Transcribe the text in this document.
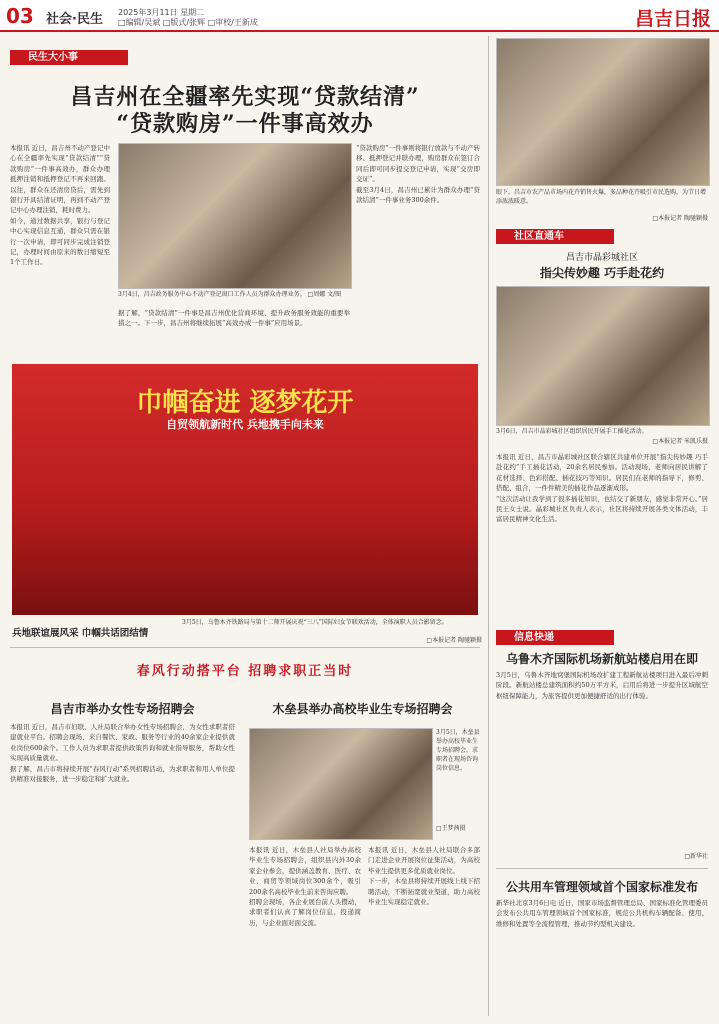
03 社会·民生 2025年3月11日 星期二
□编辑/吴斌 □版式/张辉 □审校/王新成	昌吉日报
民生大小事
昌吉州在全疆率先实现“贷款结清”
“贷款购房”一件事高效办
本报讯 近日，昌吉州不动产登记中心在全疆率先实现“贷款结清”“贷款购房”一件事高效办，群众办理抵押注销和抵押登记不再来回跑。以往，群众在还清房贷后，需先到银行开具结清证明，再到不动产登记中心办理注销，耗时费力。
如今，通过数据共享，银行与登记中心实现信息互通，群众只需在银行一次申请，即可同步完成注销登记，办理时间由原来的数日缩短至1个工作日。
3月4日，昌吉政务服务中心不动产登记窗口工作人员为群众办理业务。 □周娜 文/图
据了解，“贷款结清”一件事是昌吉州优化营商环境、提升政务服务效能的重要举措之一。下一步，昌吉州将继续拓展“高效办成一件事”应用场景。
“贷款购房”一件事则将银行放款与不动产转移、抵押登记并联办理，购房群众在签订合同后即可同步提交登记申请，实现“交房即交证”。
截至3月4日，昌吉州已累计为群众办理“贷款结清”一件事业务300余件。
巾帼奋进 逐梦花开
自贸领航新时代 兵地携手向未来
3月5日，乌鲁木齐铁路局与第十二师开展庆祝“三八”国际妇女节联欢活动，全体演职人员合影留念。
兵地联谊展风采 巾帼共话团结情
□本报记者 陶驰颖摄
眼下，昌吉市农产品市场内花卉销售火爆，多品种花卉吸引市民选购，为节日增添浓浓暖意。
□本报记者 陶驰颖摄
社区直通车
昌吉市晶彩城社区
指尖传妙趣 巧手赴花约
3月6日，昌吉市晶彩城社区组织居民开展手工插花活动。
□本报记者 米凯乐摄
本报讯 近日，昌吉市晶彩城社区联合辖区共建单位开展“指尖传妙趣 巧手赴花约”手工插花活动，20余名居民参加。活动现场，老师向居民讲解了花材选择、色彩搭配、插花技巧等知识。居民们在老师的指导下，修剪、搭配、组合，一件件精美的插花作品逐渐成形。
“这次活动让我学到了很多插花知识，也结交了新朋友，感觉非常开心。”居民王女士说。晶彩城社区负责人表示，社区将持续开展各类文体活动，丰富居民精神文化生活。
信息快递
乌鲁木齐国际机场新航站楼启用在即
3月5日，乌鲁木齐地窝堡国际机场改扩建工程新航站楼项目进入最后冲刺阶段。新航站楼总建筑面积约50万平方米，启用后将进一步提升区域航空枢纽保障能力，为旅客提供更加便捷舒适的出行体验。
□新华社
公共用车管理领域首个国家标准发布
新华社北京3月6日电 近日，国家市场监督管理总局、国家标准化管理委员会发布公共用车管理领域首个国家标准，规范公共机构车辆配备、使用、维修和处置等全流程管理，推动节约型机关建设。
春风行动搭平台 招聘求职正当时
昌吉市举办女性专场招聘会
本报讯 近日，昌吉市妇联、人社局联合举办女性专场招聘会，为女性求职者搭建就业平台。招聘会现场，来自餐饮、家政、服务等行业的40余家企业提供就业岗位600余个。工作人员为求职者提供政策咨询和就业指导服务，帮助女性实现高质量就业。
据了解，昌吉市将持续开展“春风行动”系列招聘活动，为求职者和用人单位提供精准对接服务，进一步稳定和扩大就业。
木垒县举办高校毕业生专场招聘会
3月5日，木垒县举办高校毕业生专场招聘会，求职者在现场咨询岗位信息。
□王梦茜摄
本报讯 近日，木垒县人社局举办高校毕业生专场招聘会，组织县内外30余家企业参会，提供涵盖教育、医疗、农业、商贸等领域岗位300余个，吸引200余名高校毕业生前来咨询应聘。
招聘会现场，各企业展台前人头攒动，求职者们认真了解岗位信息、投递简历，与企业面对面交流。
本报讯 近日，木垒县人社局联合多部门走进企业开展岗位征集活动，为高校毕业生提供更多优质就业岗位。
下一步，木垒县将持续开展线上线下招聘活动，不断拓宽就业渠道，助力高校毕业生实现稳定就业。
